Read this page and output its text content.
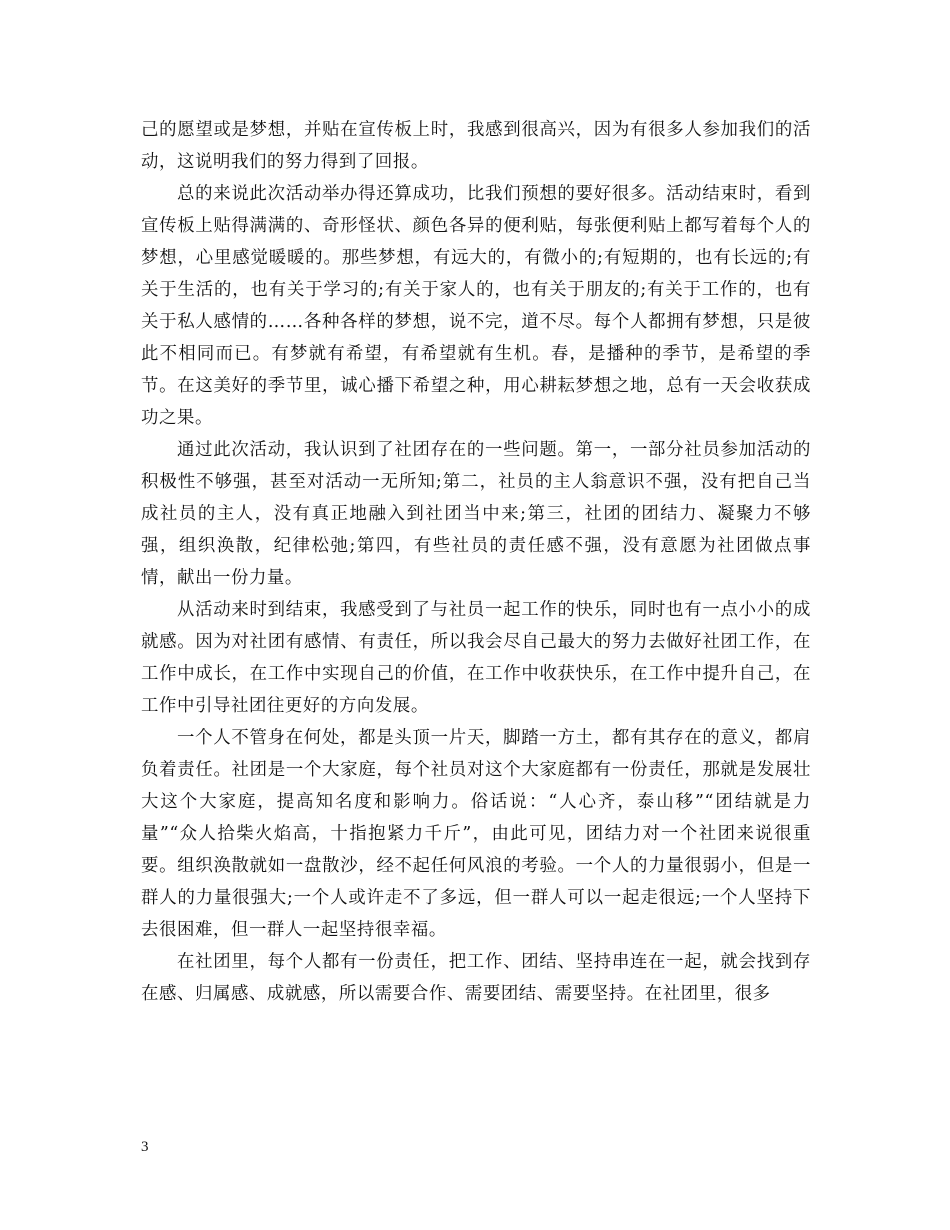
己的愿望或是梦想，并贴在宣传板上时，我感到很高兴，因为有很多人参加我们的活动，这说明我们的努力得到了回报。

总的来说此次活动举办得还算成功，比我们预想的要好很多。活动结束时，看到宣传板上贴得满满的、奇形怪状、颜色各异的便利贴，每张便利贴上都写着每个人的梦想，心里感觉暖暖的。那些梦想，有远大的，有微小的;有短期的，也有长远的;有关于生活的，也有关于学习的;有关于家人的，也有关于朋友的;有关于工作的，也有关于私人感情的……各种各样的梦想，说不完，道不尽。每个人都拥有梦想，只是彼此不相同而已。有梦就有希望，有希望就有生机。春，是播种的季节，是希望的季节。在这美好的季节里，诚心播下希望之种，用心耕耘梦想之地，总有一天会收获成功之果。

通过此次活动，我认识到了社团存在的一些问题。第一，一部分社员参加活动的积极性不够强，甚至对活动一无所知;第二，社员的主人翁意识不强，没有把自己当成社员的主人，没有真正地融入到社团当中来;第三，社团的团结力、凝聚力不够强，组织涣散，纪律松弛;第四，有些社员的责任感不强，没有意愿为社团做点事情，献出一份力量。

从活动来时到结束，我感受到了与社员一起工作的快乐，同时也有一点小小的成就感。因为对社团有感情、有责任，所以我会尽自己最大的努力去做好社团工作，在工作中成长，在工作中实现自己的价值，在工作中收获快乐，在工作中提升自己，在工作中引导社团往更好的方向发展。

一个人不管身在何处，都是头顶一片天，脚踏一方土，都有其存在的意义，都肩负着责任。社团是一个大家庭，每个社员对这个大家庭都有一份责任，那就是发展壮大这个大家庭，提高知名度和影响力。俗话说：“人心齐，泰山移”“团结就是力量”“众人拾柴火焰高，十指抱紧力千斤”，由此可见，团结力对一个社团来说很重要。组织涣散就如一盘散沙，经不起任何风浪的考验。一个人的力量很弱小，但是一群人的力量很强大;一个人或许走不了多远，但一群人可以一起走很远;一个人坚持下去很困难，但一群人一起坚持很幸福。

在社团里，每个人都有一份责任，把工作、团结、坚持串连在一起，就会找到存在感、归属感、成就感，所以需要合作、需要团结、需要坚持。在社团里，很多

3
